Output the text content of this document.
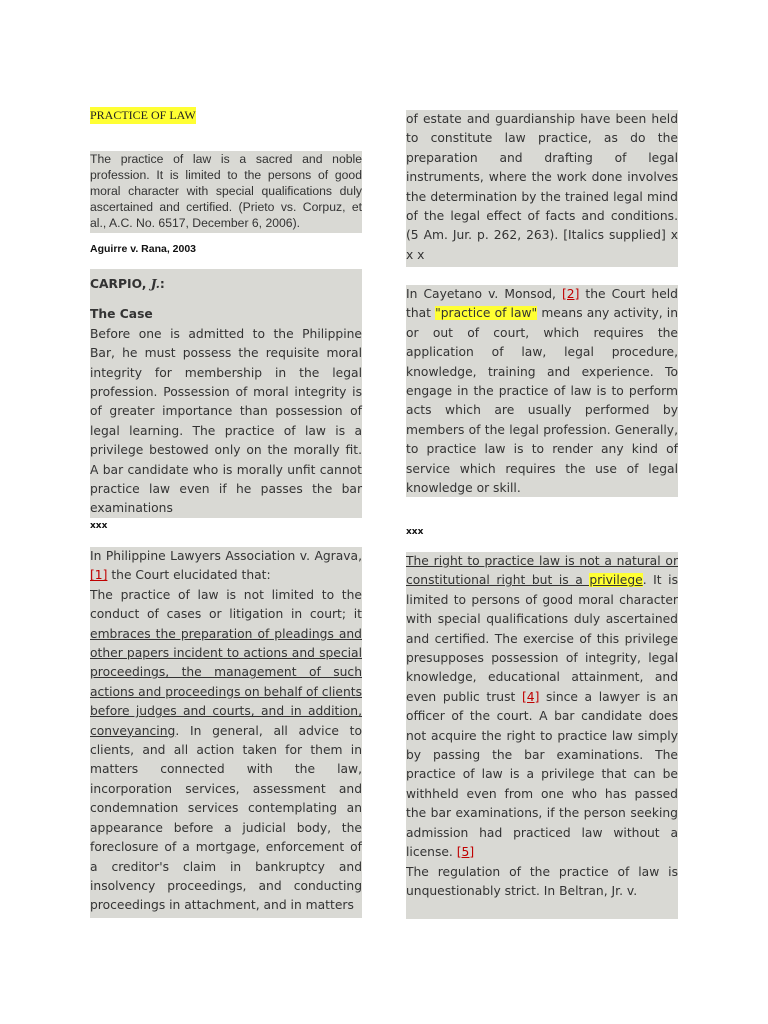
PRACTICE OF LAW
The practice of law is a sacred and noble profession. It is limited to the persons of good moral character with special qualifications duly ascertained and certified. (Prieto vs. Corpuz, et al., A.C. No. 6517, December 6, 2006).
Aguirre v. Rana, 2003
CARPIO, J.:
The Case
Before one is admitted to the Philippine Bar, he must possess the requisite moral integrity for membership in the legal profession. Possession of moral integrity is of greater importance than possession of legal learning. The practice of law is a privilege bestowed only on the morally fit. A bar candidate who is morally unfit cannot practice law even if he passes the bar examinations
xxx
In Philippine Lawyers Association v. Agrava, [1] the Court elucidated that:
The practice of law is not limited to the conduct of cases or litigation in court; it embraces the preparation of pleadings and other papers incident to actions and special proceedings, the management of such actions and proceedings on behalf of clients before judges and courts, and in addition, conveyancing. In general, all advice to clients, and all action taken for them in matters connected with the law, incorporation services, assessment and condemnation services contemplating an appearance before a judicial body, the foreclosure of a mortgage, enforcement of a creditor's claim in bankruptcy and insolvency proceedings, and conducting proceedings in attachment, and in matters
of estate and guardianship have been held to constitute law practice, as do the preparation and drafting of legal instruments, where the work done involves the determination by the trained legal mind of the legal effect of facts and conditions. (5 Am. Jur. p. 262, 263). [Italics supplied] x x x
In Cayetano v. Monsod, [2] the Court held that "practice of law" means any activity, in or out of court, which requires the application of law, legal procedure, knowledge, training and experience. To engage in the practice of law is to perform acts which are usually performed by members of the legal profession. Generally, to practice law is to render any kind of service which requires the use of legal knowledge or skill.
xxx
The right to practice law is not a natural or constitutional right but is a privilege. It is limited to persons of good moral character with special qualifications duly ascertained and certified. The exercise of this privilege presupposes possession of integrity, legal knowledge, educational attainment, and even public trust [4] since a lawyer is an officer of the court. A bar candidate does not acquire the right to practice law simply by passing the bar examinations. The practice of law is a privilege that can be withheld even from one who has passed the bar examinations, if the person seeking admission had practiced law without a license. [5]
The regulation of the practice of law is unquestionably strict. In Beltran, Jr. v.
